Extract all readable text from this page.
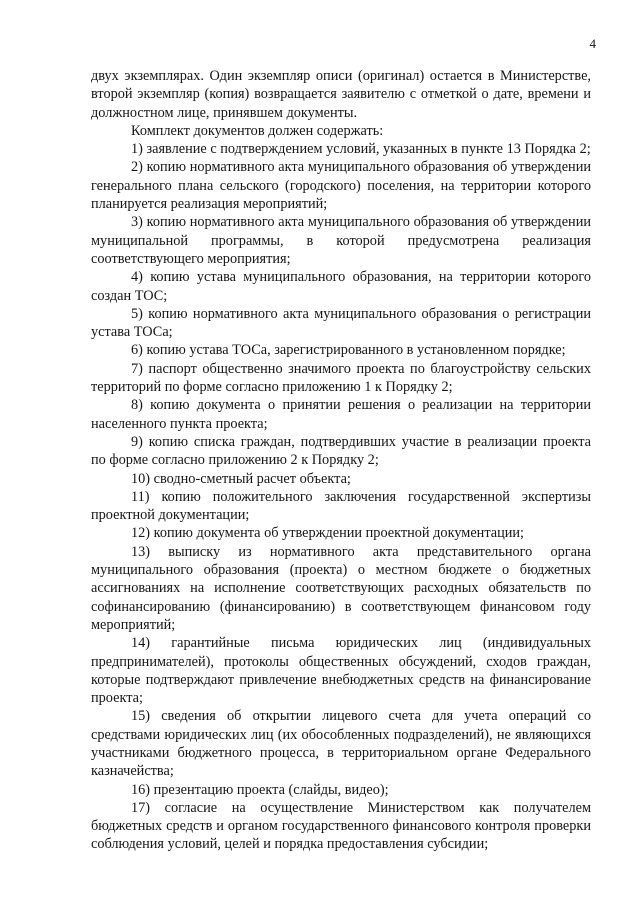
4

двух экземплярах. Один экземпляр описи (оригинал) остается в Министерстве, второй экземпляр (копия) возвращается заявителю с отметкой о дате, времени и должностном лице, принявшем документы.

Комплект документов должен содержать:

1) заявление с подтверждением условий, указанных в пункте 13 Порядка 2;

2) копию нормативного акта муниципального образования об утверждении генерального плана сельского (городского) поселения, на территории которого планируется реализация мероприятий;

3) копию нормативного акта муниципального образования об утверждении муниципальной программы, в которой предусмотрена реализация соответствующего мероприятия;

4) копию устава муниципального образования, на территории которого создан ТОС;

5) копию нормативного акта муниципального образования о регистрации устава ТОСа;

6) копию устава ТОСа, зарегистрированного в установленном порядке;

7) паспорт общественно значимого проекта по благоустройству сельских территорий по форме согласно приложению 1 к Порядку 2;

8) копию документа о принятии решения о реализации на территории населенного пункта проекта;

9) копию списка граждан, подтвердивших участие в реализации проекта по форме согласно приложению 2 к Порядку 2;

10) сводно-сметный расчет объекта;

11) копию положительного заключения государственной экспертизы проектной документации;

12) копию документа об утверждении проектной документации;

13) выписку из нормативного акта представительного органа муниципального образования (проекта) о местном бюджете о бюджетных ассигнованиях на исполнение соответствующих расходных обязательств по софинансированию (финансированию) в соответствующем финансовом году мероприятий;

14) гарантийные письма юридических лиц (индивидуальных предпринимателей), протоколы общественных обсуждений, сходов граждан, которые подтверждают привлечение внебюджетных средств на финансирование проекта;

15) сведения об открытии лицевого счета для учета операций со средствами юридических лиц (их обособленных подразделений), не являющихся участниками бюджетного процесса, в территориальном органе Федерального казначейства;

16) презентацию проекта (слайды, видео);

17) согласие на осуществление Министерством как получателем бюджетных средств и органом государственного финансового контроля проверки соблюдения условий, целей и порядка предоставления субсидии;
